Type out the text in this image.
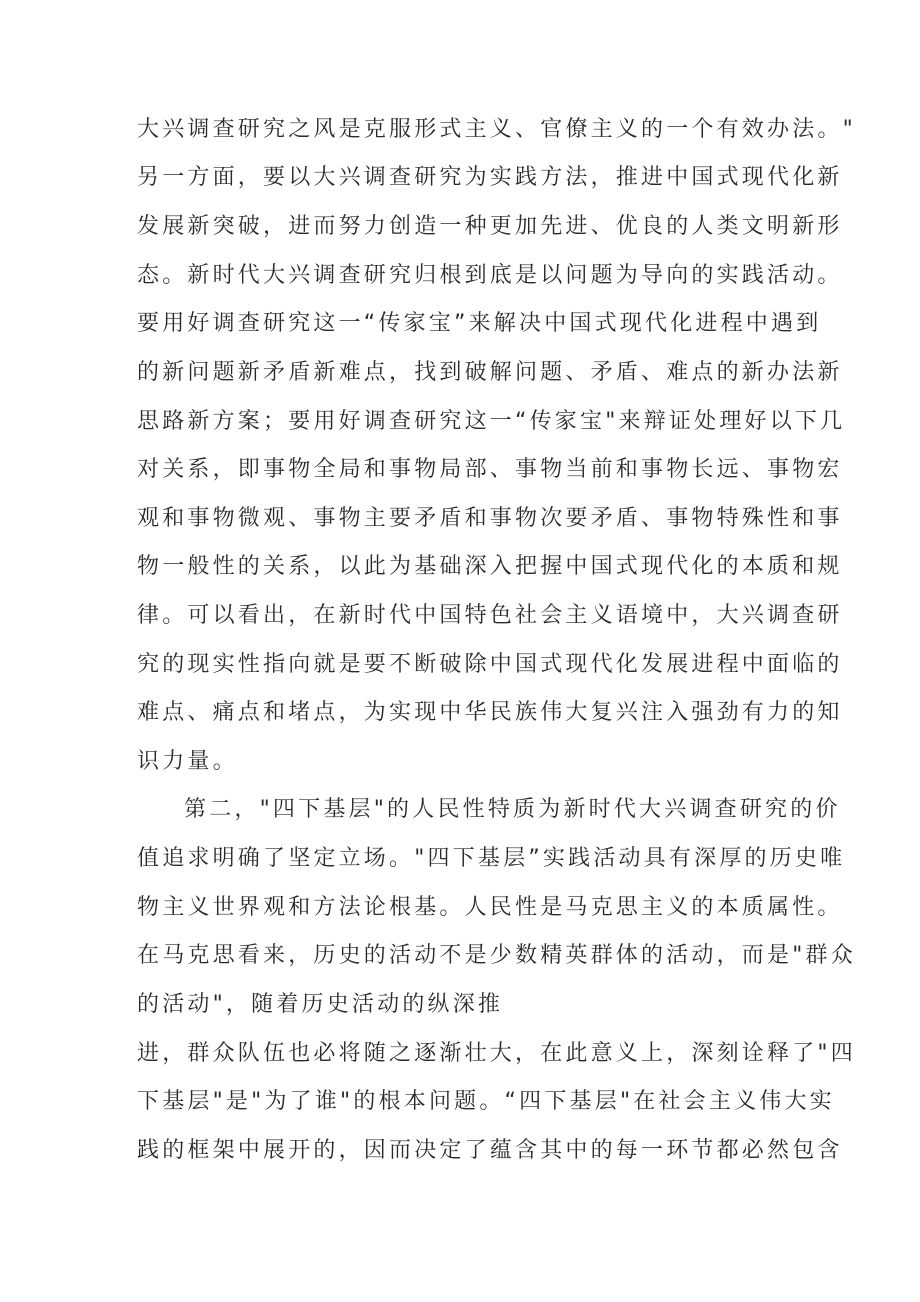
大兴调查研究之风是克服形式主义、官僚主义的一个有效办法。"
另一方面，要以大兴调查研究为实践方法，推进中国式现代化新
发展新突破，进而努力创造一种更加先进、优良的人类文明新形
态。新时代大兴调查研究归根到底是以问题为导向的实践活动。
要用好调查研究这一“传家宝”来解决中国式现代化进程中遇到
的新问题新矛盾新难点，找到破解问题、矛盾、难点的新办法新
思路新方案；要用好调查研究这一“传家宝"来辩证处理好以下几
对关系，即事物全局和事物局部、事物当前和事物长远、事物宏
观和事物微观、事物主要矛盾和事物次要矛盾、事物特殊性和事
物一般性的关系，以此为基础深入把握中国式现代化的本质和规
律。可以看出，在新时代中国特色社会主义语境中，大兴调查研
究的现实性指向就是要不断破除中国式现代化发展进程中面临的
难点、痛点和堵点，为实现中华民族伟大复兴注入强劲有力的知
识力量。
第二，"四下基层"的人民性特质为新时代大兴调查研究的价
值追求明确了坚定立场。"四下基层”实践活动具有深厚的历史唯
物主义世界观和方法论根基。人民性是马克思主义的本质属性。
在马克思看来，历史的活动不是少数精英群体的活动，而是"群众
的活动"，随着历史活动的纵深推
进，群众队伍也必将随之逐渐壮大，在此意义上，深刻诠释了"四
下基层"是"为了谁"的根本问题。“四下基层"在社会主义伟大实
践的框架中展开的，因而决定了蕴含其中的每一环节都必然包含
